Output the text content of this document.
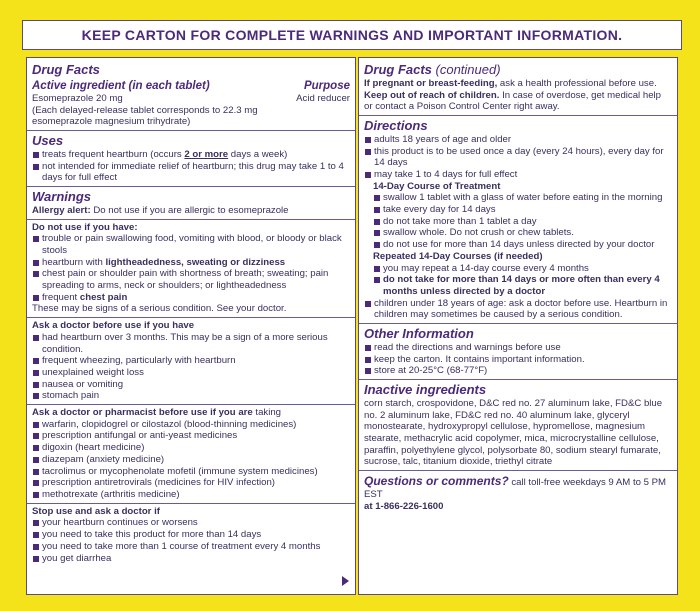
KEEP CARTON FOR COMPLETE WARNINGS AND IMPORTANT INFORMATION.
Drug Facts
Active ingredient (in each tablet)	Purpose
Esomeprazole 20 mg	Acid reducer
(Each delayed-release tablet corresponds to 22.3 mg esomeprazole magnesium trihydrate)
Uses
treats frequent heartburn (occurs 2 or more days a week)
not intended for immediate relief of heartburn; this drug may take 1 to 4 days for full effect
Warnings
Allergy alert: Do not use if you are allergic to esomeprazole
Do not use if you have:
trouble or pain swallowing food, vomiting with blood, or bloody or black stools
heartburn with lightheadedness, sweating or dizziness
chest pain or shoulder pain with shortness of breath; sweating; pain spreading to arms, neck or shoulders; or lightheadedness
frequent chest pain
These may be signs of a serious condition. See your doctor.
Ask a doctor before use if you have
had heartburn over 3 months. This may be a sign of a more serious condition.
frequent wheezing, particularly with heartburn
unexplained weight loss
nausea or vomiting
stomach pain
Ask a doctor or pharmacist before use if you are taking
warfarin, clopidogrel or cilostazol (blood-thinning medicines)
prescription antifungal or anti-yeast medicines
digoxin (heart medicine)
diazepam (anxiety medicine)
tacrolimus or mycophenolate mofetil (immune system medicines)
prescription antiretrovirals (medicines for HIV infection)
methotrexate (arthritis medicine)
Stop use and ask a doctor if
your heartburn continues or worsens
you need to take this product for more than 14 days
you need to take more than 1 course of treatment every 4 months
you get diarrhea
Drug Facts (continued)
If pregnant or breast-feeding, ask a health professional before use.
Keep out of reach of children. In case of overdose, get medical help or contact a Poison Control Center right away.
Directions
adults 18 years of age and older
this product is to be used once a day (every 24 hours), every day for 14 days
may take 1 to 4 days for full effect
14-Day Course of Treatment
swallow 1 tablet with a glass of water before eating in the morning
take every day for 14 days
do not take more than 1 tablet a day
swallow whole. Do not crush or chew tablets.
do not use for more than 14 days unless directed by your doctor
Repeated 14-Day Courses (if needed)
you may repeat a 14-day course every 4 months
do not take for more than 14 days or more often than every 4 months unless directed by a doctor
children under 18 years of age: ask a doctor before use. Heartburn in children may sometimes be caused by a serious condition.
Other Information
read the directions and warnings before use
keep the carton. It contains important information.
store at 20-25°C (68-77°F)
Inactive ingredients
corn starch, crospovidone, D&C red no. 27 aluminum lake, FD&C blue no. 2 aluminum lake, FD&C red no. 40 aluminum lake, glyceryl monostearate, hydroxypropyl cellulose, hypromellose, magnesium stearate, methacrylic acid copolymer, mica, microcrystalline cellulose, paraffin, polyethylene glycol, polysorbate 80, sodium stearyl fumarate, sucrose, talc, titanium dioxide, triethyl citrate
Questions or comments? call toll-free weekdays 9 AM to 5 PM EST
at 1-866-226-1600
